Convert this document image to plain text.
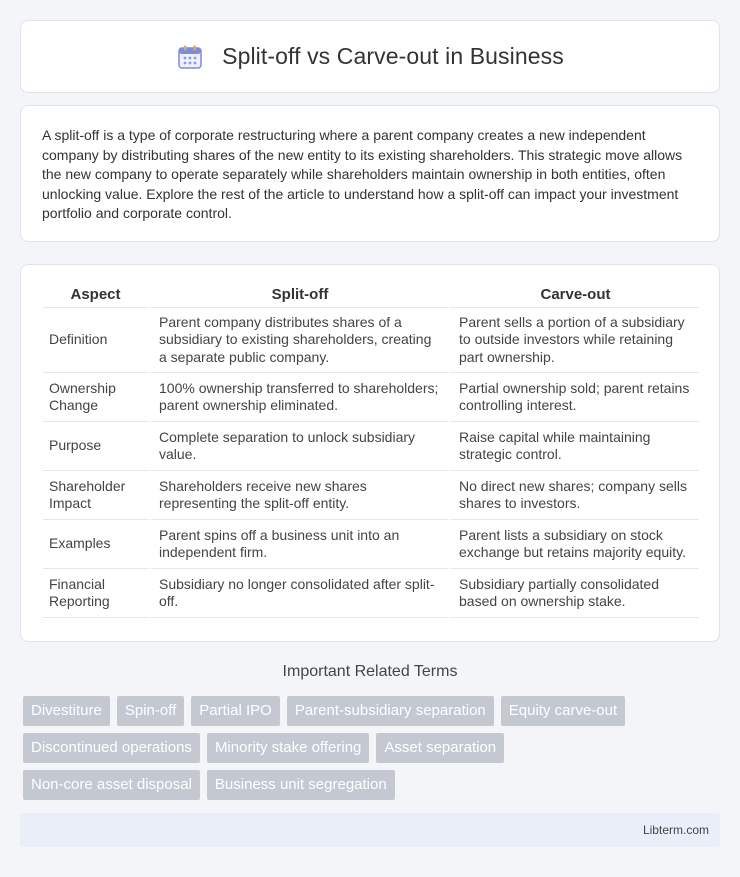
Split-off vs Carve-out in Business

A split-off is a type of corporate restructuring where a parent company creates a new independent company by distributing shares of the new entity to its existing shareholders. This strategic move allows the new company to operate separately while shareholders maintain ownership in both entities, often unlocking value. Explore the rest of the article to understand how a split-off can impact your investment portfolio and corporate control.

Aspect	Split-off	Carve-out
Definition	Parent company distributes shares of a subsidiary to existing shareholders, creating a separate public company.	Parent sells a portion of a subsidiary to outside investors while retaining part ownership.
Ownership Change	100% ownership transferred to shareholders; parent ownership eliminated.	Partial ownership sold; parent retains controlling interest.
Purpose	Complete separation to unlock subsidiary value.	Raise capital while maintaining strategic control.
Shareholder Impact	Shareholders receive new shares representing the split-off entity.	No direct new shares; company sells shares to investors.
Examples	Parent spins off a business unit into an independent firm.	Parent lists a subsidiary on stock exchange but retains majority equity.
Financial Reporting	Subsidiary no longer consolidated after split-off.	Subsidiary partially consolidated based on ownership stake.
Important Related Terms
Divestiture	Spin-off	Partial IPO	Parent-subsidiary separation	Equity carve-out
Discontinued operations	Minority stake offering	Asset separation
Non-core asset disposal	Business unit segregation
Libterm.com
